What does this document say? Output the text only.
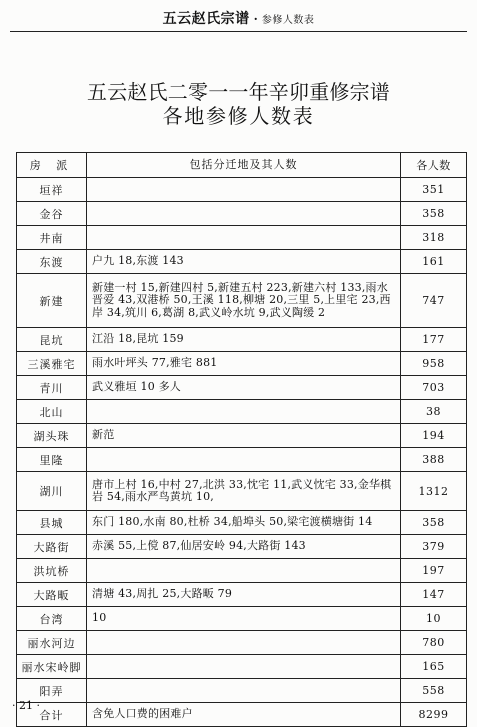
五云赵氏宗谱 · 参修人数表
五云赵氏二零一一年辛卯重修宗谱
各地参修人数表
房 派	包括分迁地及其人数	各人数
垣祥		351
金谷		358
井南		318
东渡	户九 18,东渡 143	161
新建	新建一村 15,新建四村 5,新建五村 223,新建六村 133,雨水晋爱 43,双港桥 50,王溪 118,柳塘 20,三里 5,上里宅 23,西岸 34,筑川 6,葛湖 8,武义岭水坑 9,武义陶缓 2	747
昆坑	江沿 18,昆坑 159	177
三溪雅宅	雨水叶坪头 77,雅宅 881	958
青川	武义雅垣 10 多人	703
北山		38
湖头珠	新范	194
里隆		388
湖川	唐市上村 16,中村 27,北洪 33,忱宅 11,武义忱宅 33,金华棋岩 54,雨水严鸟黄坑 10,	1312
县城	东门 180,水南 80,杜桥 34,船埠头 50,梁宅渡横塘街 14	358
大路街	赤溪 55,上傥 87,仙居安岭 94,大路街 143	379
洪坑桥		197
大路畈	清塘 43,周扎 25,大路畈 79	147
台湾	10	10
丽水河边		780
丽水宋岭脚		165
阳弄		558
合计	含免人口费的困难户	8299
· 21 ·
